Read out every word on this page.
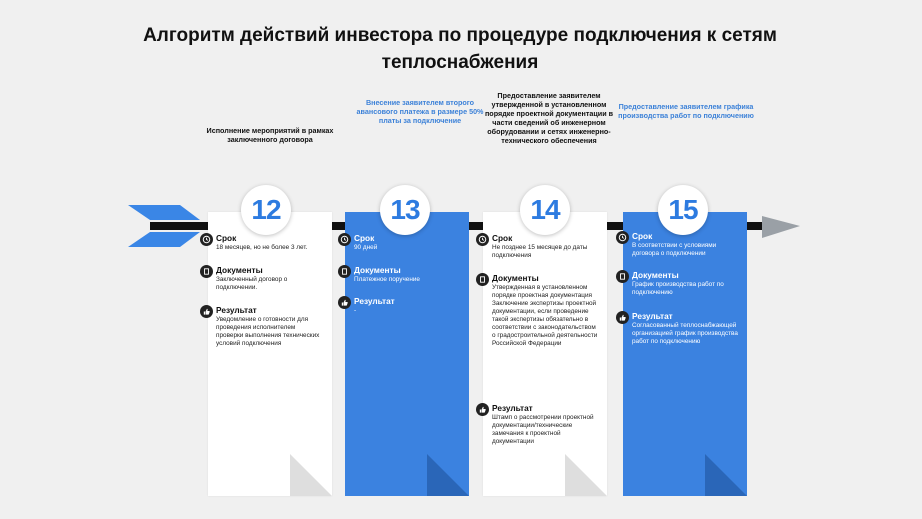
Алгоритм действий инвестора по процедуре подключения к сетям теплоснабжения
Исполнение мероприятий в рамках заключенного договора
Внесение заявителем второго авансового платежа в размере 50% платы за подключение
Предоставление заявителем утвержденной в установленном порядке проектной документации в части сведений об инженерном оборудовании и сетях инженерно-технического обеспечения
Предоставление заявителем графика производства работ по подключению
12	13	14	15
Срок
18 месяцев, но не более 3 лет.
Документы
Заключенный договор о подключении.
Результат
Уведомление о готовности для проведения исполнителем проверки выполнения технических условий подключения
Срок
90 дней
Документы
Платежное поручение
Результат
-
Срок
Не позднее 15 месяцев до даты подключения
Документы
Утвержденная в установленном порядке проектная документация Заключение экспертизы проектной документации, если проведение такой экспертизы обязательно в соответствии с законодательством о градостроительной деятельности Российской Федерации
Результат
Штамп о рассмотрении проектной документации/технические замечания к проектной документации
Срок
В соответствии с условиями договора о подключении
Документы
График производства работ по подключению
Результат
Согласованный теплоснабжающей организацией график производства работ по подключению
